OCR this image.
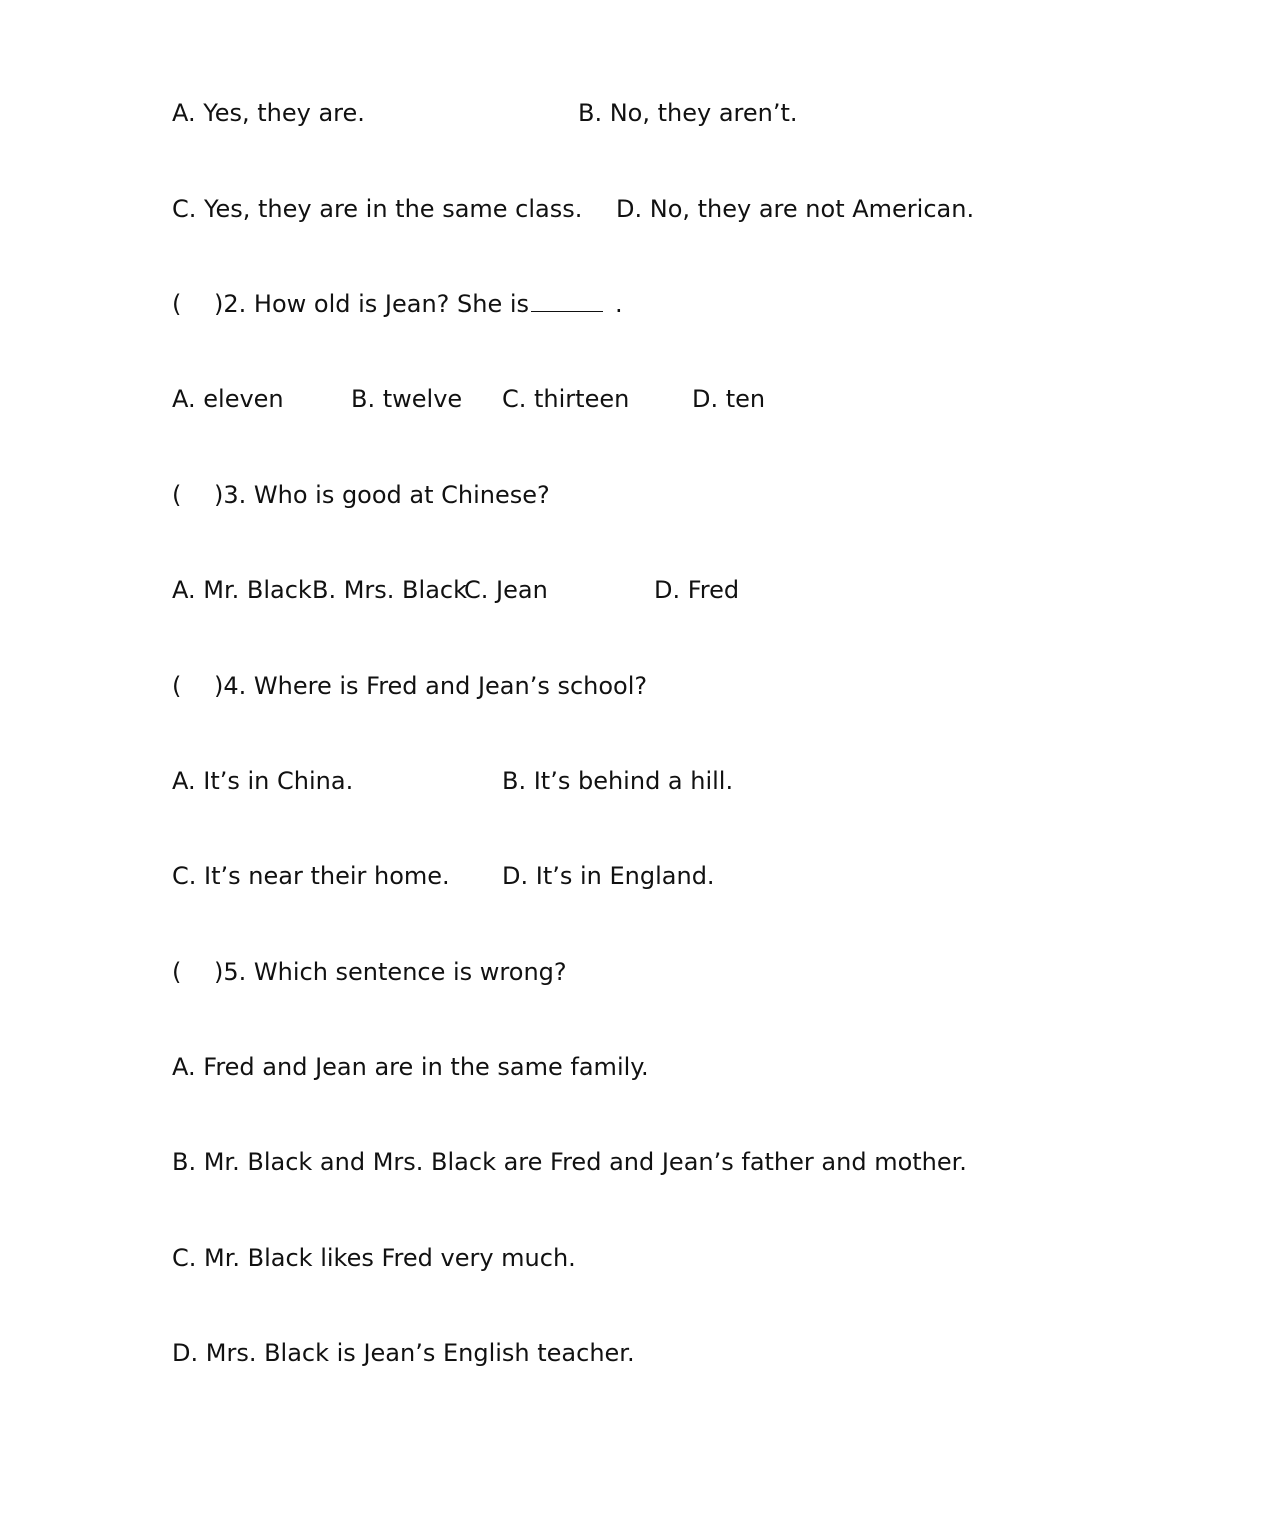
A. Yes, they are.	B. No, they aren’t.
C. Yes, they are in the same class. D. No, they are not American.
( )2. How old is Jean? She is	.
A. eleven	B. twelve C. thirteen	D. ten
( )3. Who is good at Chinese?
A. Mr. Black B. Mrs. Black
C. Jean	D. Fred
( )4. Where is Fred and Jean’s school?
A. It’s in China.	B. It’s behind a hill.
C. It’s near their home. D. It’s in England.
( )5. Which sentence is wrong?
A. Fred and Jean are in the same family.
B. Mr. Black and Mrs. Black are Fred and Jean’s father and mother.
C. Mr. Black likes Fred very much.
D. Mrs. Black is Jean’s English teacher.
